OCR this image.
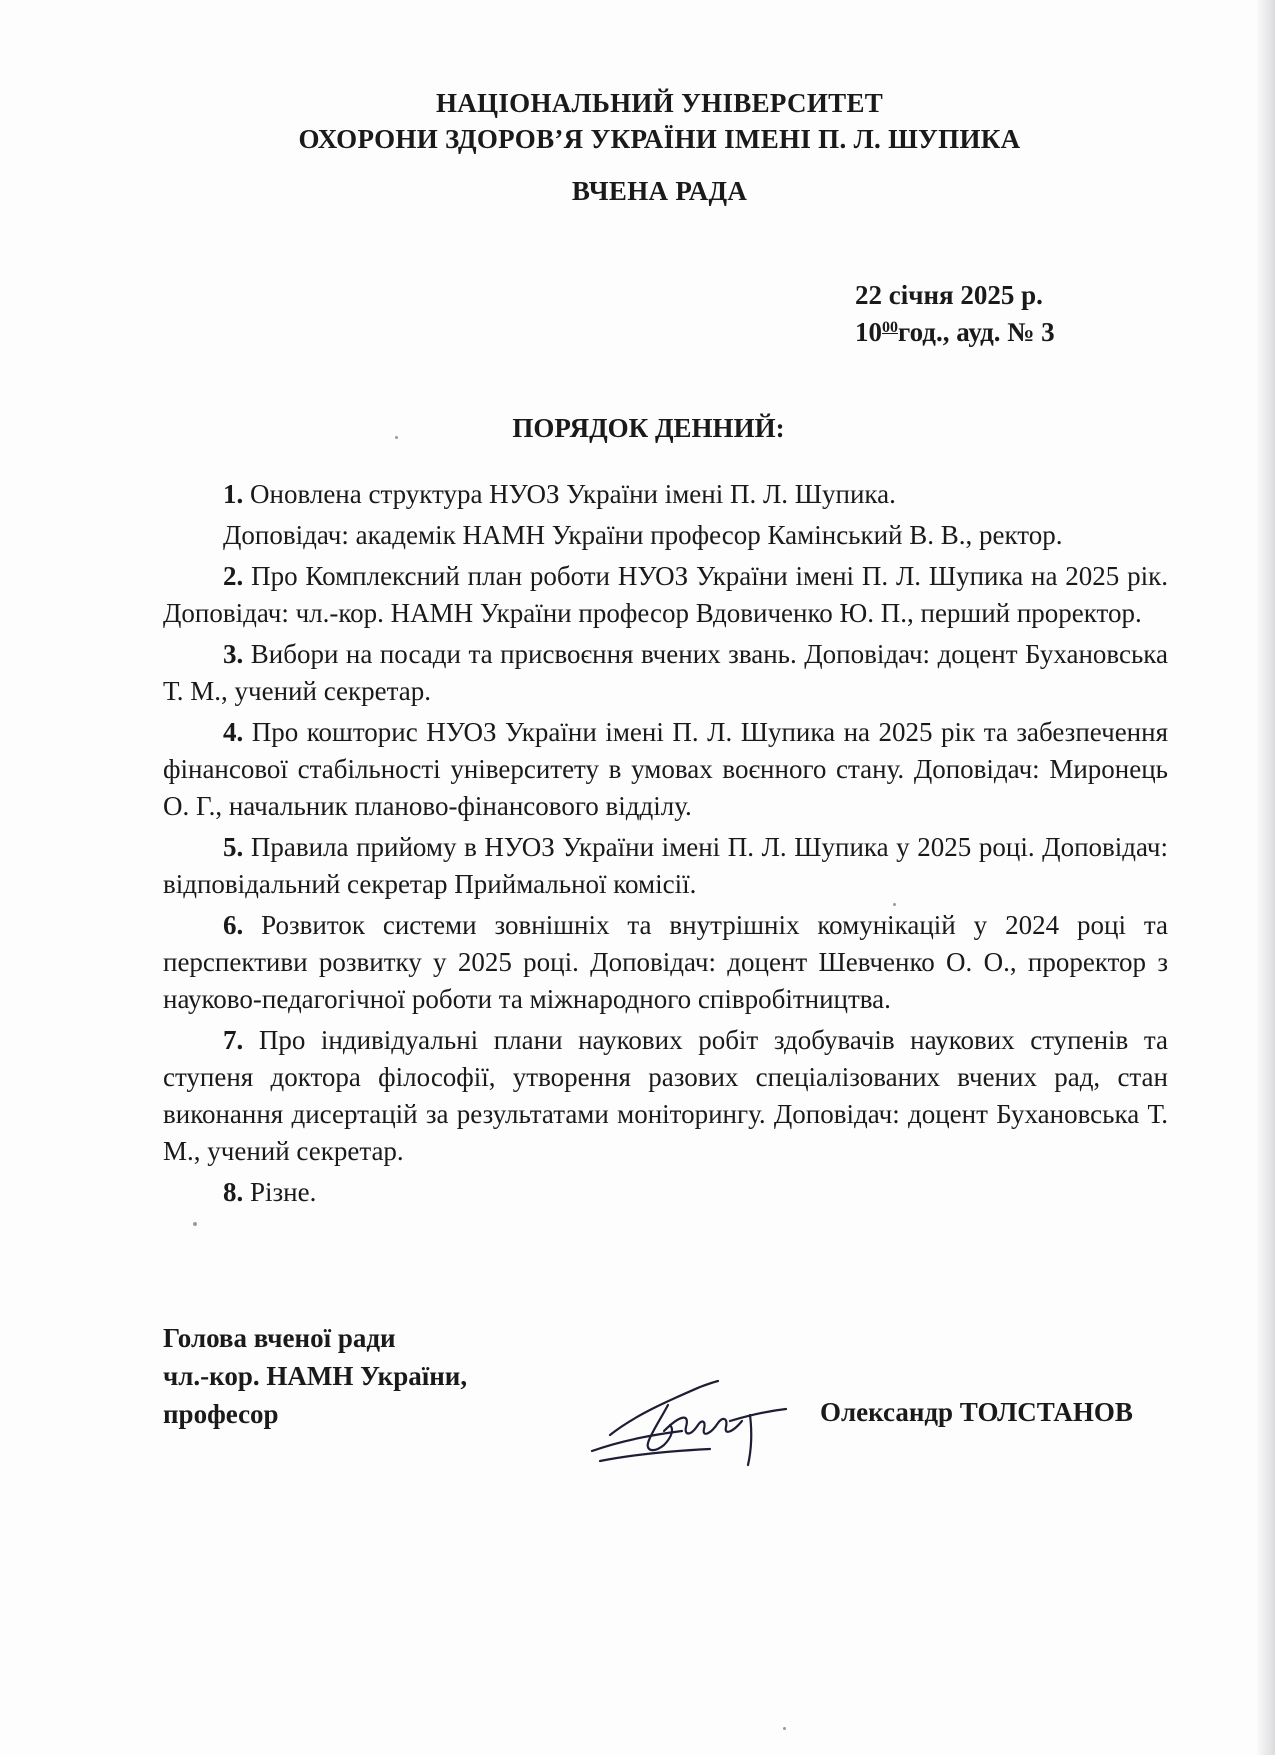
НАЦІОНАЛЬНИЙ УНІВЕРСИТЕТ
ОХОРОНИ ЗДОРОВ’Я УКРАЇНИ ІМЕНІ П. Л. ШУПИКА
ВЧЕНА РАДА
22 січня 2025 р.
$10^{00}год$., ауд. № 3
ПОРЯДОК ДЕННИЙ:

1. Оновлена структура НУОЗ України імені П. Л. Шупика.

Доповідач: академік НАМН України професор Камінський В. В., ректор.

2. Про Комплексний план роботи НУОЗ України імені П. Л. Шупика на 2025 рік. Доповідач: чл.-кор. НАМН України професор Вдовиченко Ю. П., перший проректор.

3. Вибори на посади та присвоєння вчених звань. Доповідач: доцент Бухановська Т. М., учений секретар.

4. Про кошторис НУОЗ України імені П. Л. Шупика на 2025 рік та забезпечення фінансової стабільності університету в умовах воєнного стану. Доповідач: Миронець О. Г., начальник планово-фінансового відділу.

5. Правила прийому в НУОЗ України імені П. Л. Шупика у 2025 році. Доповідач: відповідальний секретар Приймальної комісії.

6. Розвиток системи зовнішніх та внутрішніх комунікацій у 2024 році та перспективи розвитку у 2025 році. Доповідач: доцент Шевченко О. О., проректор з науково-педагогічної роботи та міжнародного співробітництва.

7. Про індивідуальні плани наукових робіт здобувачів наукових ступенів та ступеня доктора філософії, утворення разових спеціалізованих вчених рад, стан виконання дисертацій за результатами моніторингу. Доповідач: доцент Бухановська Т. М., учений секретар.

8. Різне.

Голова вченої ради
чл.-кор. НАМН України,
професор	Олександр ТОЛСТАНОВ
